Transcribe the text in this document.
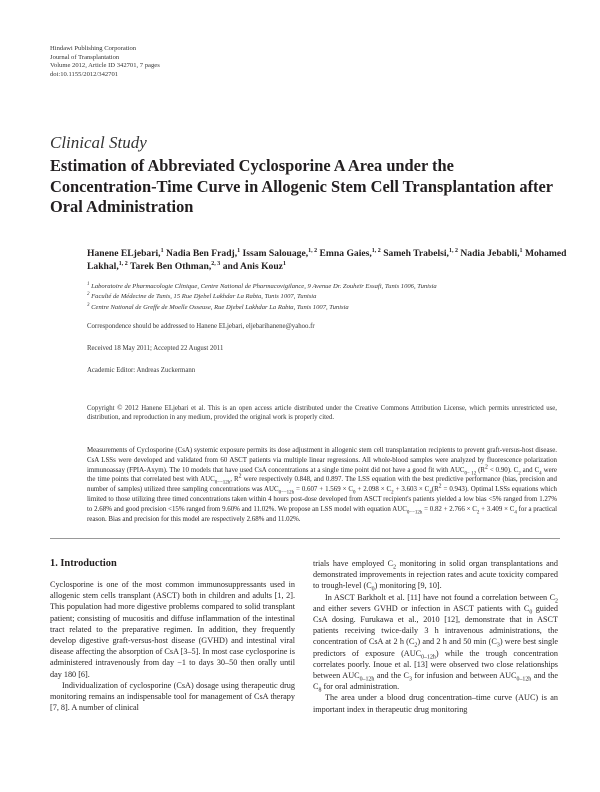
Hindawi Publishing Corporation
Journal of Transplantation
Volume 2012, Article ID 342701, 7 pages
doi:10.1155/2012/342701
Clinical Study
Estimation of Abbreviated Cyclosporine A Area under the Concentration-Time Curve in Allogenic Stem Cell Transplantation after Oral Administration
Hanene ELjebari,$^1$ Nadia Ben Fradj,$^1$ Issam Salouage,$^{1, 2}$ Emna Gaies,$^{1, 2}$ Sameh Trabelsi,$^{1, 2}$ Nadia Jebabli,$^1$ Mohamed Lakhal,$^{1, 2}$ Tarek Ben Othman,$^{2, 3}$ and Anis Kouz$^1$
$^1$ Laboratoire de Pharmacologie Clinique, Centre National de Pharmacovigilance, 9 Avenue Dr. Zouheïr Essafi, Tunis 1006, Tunisia
$^2$ Faculté de Médecine de Tunis, 15 Rue Djebel Lakhdar La Rabta, Tunis 1007, Tunisia
$^3$ Centre National de Greffe de Moelle Osseuse, Rue Djebel Lakhdar La Rabta, Tunis 1007, Tunisia
Correspondence should be addressed to Hanene ELjebari, eljebarihanene@yahoo.fr
Received 18 May 2011; Accepted 22 August 2011
Academic Editor: Andreas Zuckermann
Copyright © 2012 Hanene ELjebari et al. This is an open access article distributed under the Creative Commons Attribution License, which permits unrestricted use, distribution, and reproduction in any medium, provided the original work is properly cited.

Measurements of Cyclosporine (CsA) systemic exposure permits its dose adjustment in allogenic stem cell transplantation recipients to prevent graft-versus-host disease. CsA LSSs were developed and validated from 60 ASCT patients via multiple linear regressions. All whole-blood samples were analyzed by fluorescence polarization immunoassay (FPIA-Axym). The 10 models that have used CsA concentrations at a single time point did not have a good fit with $AUC_{0- 12}$ $(R^2 < 0.90)$. $C_2$ and $C_4$ were the time points that correlated best with $AUC_{0--12h}$, $R^2$ were respectively 0.848, and 0.897. The LSS equation with the best predictive performance (bias, precision and number of samples) utilized three sampling concentrations was $AUC_{0--12h} = 0.607 + 1.569 \times C_0 + 2.098 \times C_2 + 3.603 \times C_4(R^2 = 0.943)$. Optimal LSSs equations which limited to those utilizing three timed concentrations taken within 4 hours post-dose developed from ASCT recipient's patients yielded a low bias <5% ranged from 1.27% to 2.68% and good precision <15% ranged from 9.60% and 11.02%. We propose an LSS model with equation $AUC_{0--12h} = 0.82 + 2.766 \times C_2 + 3.409 \times C_4$ for a practical reason. Bias and precision for this model are respectively 2.68% and 11.02%.

1. Introduction

Cyclosporine is one of the most common immunosuppressants used in allogenic stem cells transplant (ASCT) both in children and adults [1, 2]. This population had more digestive problems compared to solid transplant patient; consisting of mucositis and diffuse inflammation of the intestinal tract related to the preparative regimen. In addition, they frequently develop digestive graft-versus-host disease (GVHD) and intestinal viral disease affecting the absorption of CsA [3–5]. In most case cyclosporine is administered intravenously from day −1 to days 30–50 then orally until day 180 [6].

Individualization of cyclosporine (CsA) dosage using therapeutic drug monitoring remains an indispensable tool for management of CsA therapy [7, 8]. A number of clinical

trials have employed $C_2$ monitoring in solid organ transplantations and demonstrated improvements in rejection rates and acute toxicity compared to trough-level $(C_0)$ monitoring [9, 10].

In ASCT Barkholt et al. [11] have not found a correlation between $C_2$ and either severs GVHD or infection in ASCT patients with $C_0$ guided CsA dosing. Furukawa et al., 2010 [12], demonstrate that in ASCT patients receiving twice-daily 3 h intravenous administrations, the concentration of CsA at 2 h $(C_2)$ and 2 h and 50 $\min (C_3)$ were best single predictors of exposure $(AUC_{0-12h})$ while the trough concentration correlates poorly. Inoue et al. [13] were observed two close relationships between $AUC_{0-12h}$ and the $C_3$ for infusion and between $AUC_{0-12h}$ and the $C_8$ for oral administration.

The area under a blood drug concentration–time curve (AUC) is an important index in therapeutic drug monitoring
